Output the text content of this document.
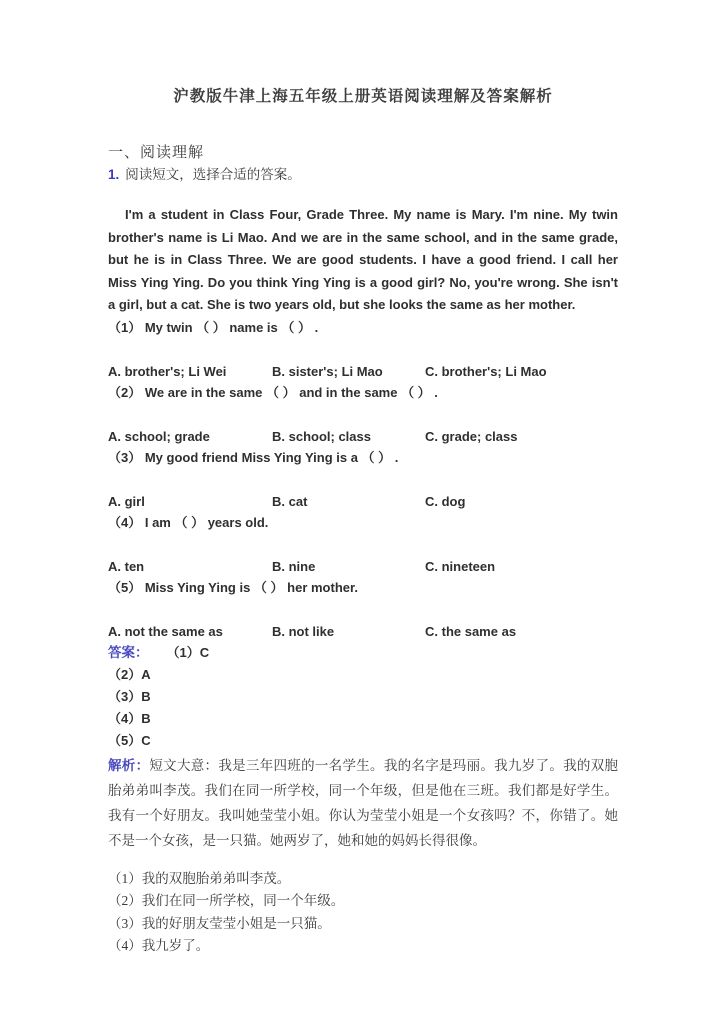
沪教版牛津上海五年级上册英语阅读理解及答案解析
一、阅读理解
1. 阅读短文，选择合适的答案。

I'm a student in Class Four, Grade Three. My name is Mary. I'm nine. My twin brother's name is Li Mao. And we are in the same school, and in the same grade, but he is in Class Three. We are good students. I have a good friend. I call her Miss Ying Ying. Do you think Ying Ying is a good girl? No, you're wrong. She isn't a girl, but a cat. She is two years old, but she looks the same as her mother.

（1） My twin （ ） name is （ ） .
A. brother's; Li Wei	B. sister's; Li Mao	C. brother's; Li Mao
（2） We are in the same （ ） and in the same （ ） .
A. school; grade	B. school; class	C. grade; class
（3） My good friend Miss Ying Ying is a （ ） .
A. girl	B. cat	C. dog
（4） I am （ ） years old.
A. ten	B. nine	C. nineteen
（5） Miss Ying Ying is （ ） her mother.
A. not the same as	B. not like	C. the same as
答案： （1）C
（2）A
（3）B
（4）B
（5）C

解析：短文大意：我是三年四班的一名学生。我的名字是玛丽。我九岁了。我的双胞胎弟弟叫李茂。我们在同一所学校，同一个年级，但是他在三班。我们都是好学生。我有一个好朋友。我叫她莹莹小姐。你认为莹莹小姐是一个女孩吗？不，你错了。她不是一个女孩，是一只猫。她两岁了，她和她的妈妈长得很像。

（1）我的双胞胎弟弟叫李茂。
（2）我们在同一所学校，同一个年级。
（3）我的好朋友莹莹小姐是一只猫。
（4）我九岁了。
